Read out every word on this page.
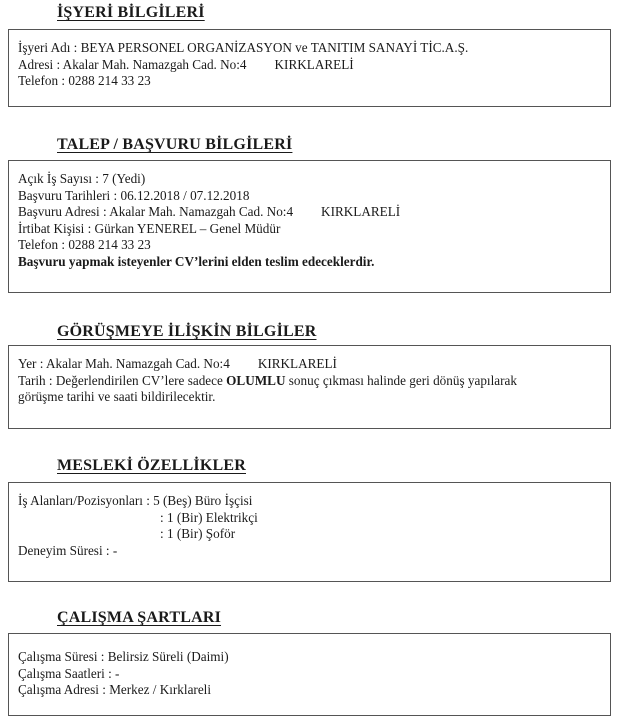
İŞYERİ BİLGİLERİ
İşyeri Adı : BEYA PERSONEL ORGANİZASYON ve TANITIM SANAYİ TİC.A.Ş.
Adresi : Akalar Mah. Namazgah Cad. No:4 KIRKLARELİ
Telefon : 0288 214 33 23
TALEP / BAŞVURU BİLGİLERİ
Açık İş Sayısı : 7 (Yedi)
Başvuru Tarihleri : 06.12.2018 / 07.12.2018
Başvuru Adresi : Akalar Mah. Namazgah Cad. No:4 KIRKLARELİ
İrtibat Kişisi : Gürkan YENEREL – Genel Müdür
Telefon : 0288 214 33 23
Başvuru yapmak isteyenler CV’lerini elden teslim edeceklerdir.
GÖRÜŞMEYE İLİŞKİN BİLGİLER
Yer : Akalar Mah. Namazgah Cad. No:4 KIRKLARELİ
Tarih : Değerlendirilen CV’lere sadece OLUMLU sonuç çıkması halinde geri dönüş yapılarak
görüşme tarihi ve saati bildirilecektir.
MESLEKİ ÖZELLİKLER
İş Alanları/Pozisyonları : 5 (Beş) Büro İşçisi
: 1 (Bir) Elektrikçi
: 1 (Bir) Şoför
Deneyim Süresi : -
ÇALIŞMA ŞARTLARI
Çalışma Süresi : Belirsiz Süreli (Daimi)
Çalışma Saatleri : -
Çalışma Adresi : Merkez / Kırklareli
